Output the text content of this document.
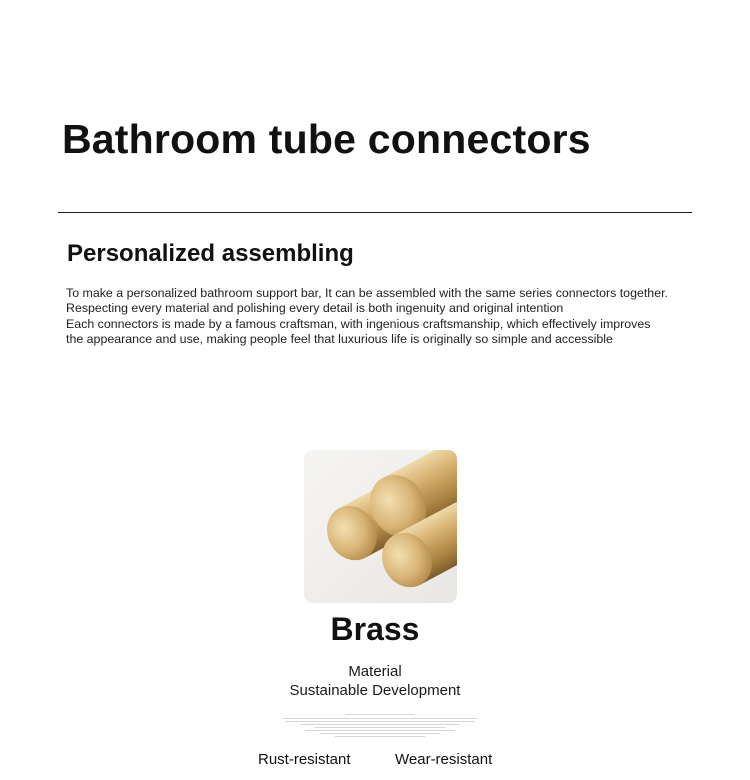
Bathroom tube connectors
Personalized assembling
To make a personalized bathroom support bar, It can be assembled with the same series connectors together.
Respecting every material and polishing every detail is both ingenuity and original intention
Each connectors is made by a famous craftsman, with ingenious craftsmanship, which effectively improves
the appearance and use, making people feel that luxurious life is originally so simple and accessible
Brass
Material
Sustainable Development
Rust-resistant	Wear-resistant
